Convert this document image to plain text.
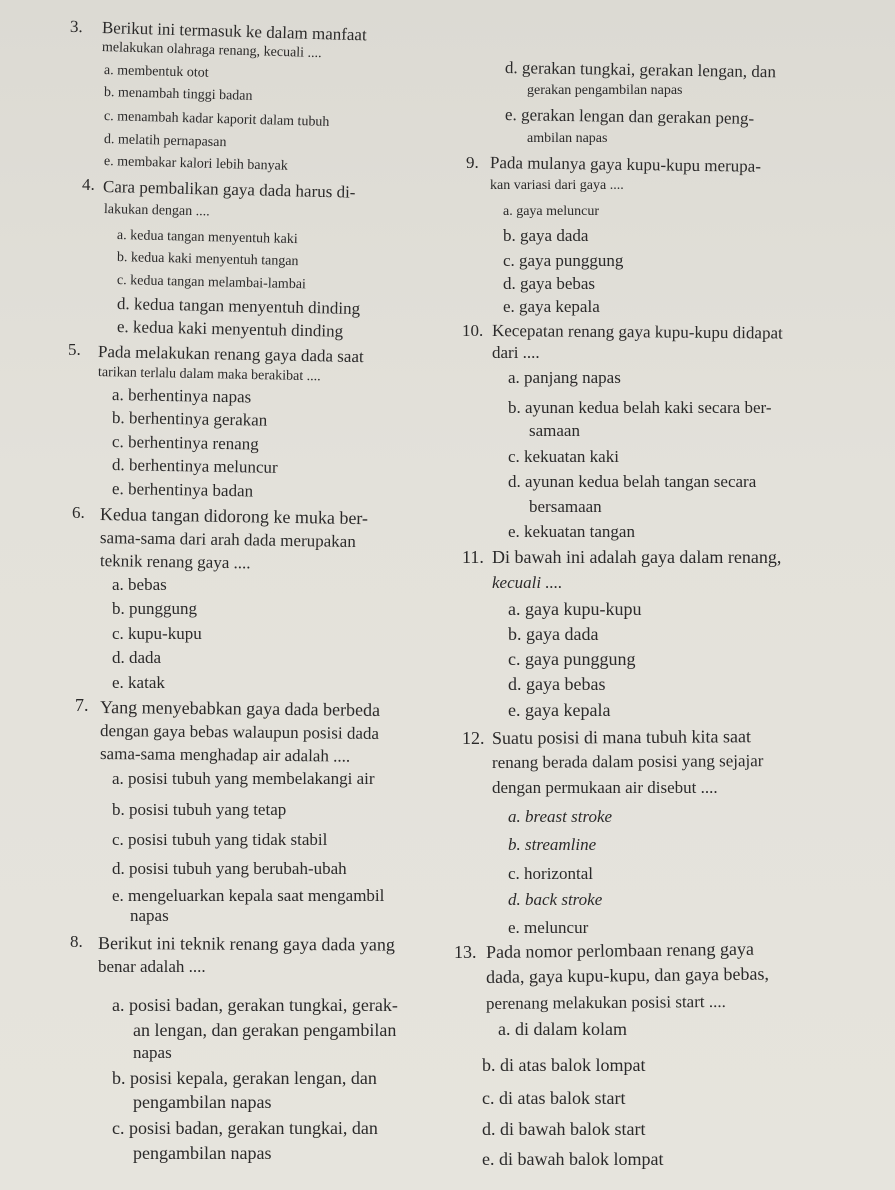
3. Berikut ini termasuk ke dalam manfaat

melakukan olahraga renang, kecuali ....

a. membentuk otot

b. menambah tinggi badan

c. menambah kadar kaporit dalam tubuh

d. melatih pernapasan

e. membakar kalori lebih banyak

4. Cara pembalikan gaya dada harus di-

lakukan dengan ....

a. kedua tangan menyentuh kaki

b. kedua kaki menyentuh tangan

c. kedua tangan melambai-lambai

d. kedua tangan menyentuh dinding

e. kedua kaki menyentuh dinding

5. Pada melakukan renang gaya dada saat

tarikan terlalu dalam maka berakibat ....

a. berhentinya napas

b. berhentinya gerakan

c. berhentinya renang

d. berhentinya meluncur

e. berhentinya badan

6. Kedua tangan didorong ke muka ber-

sama-sama dari arah dada merupakan

teknik renang gaya ....

a. bebas

b. punggung

c. kupu-kupu

d. dada

e. katak

7. Yang menyebabkan gaya dada berbeda

dengan gaya bebas walaupun posisi dada

sama-sama menghadap air adalah ....

a. posisi tubuh yang membelakangi air

b. posisi tubuh yang tetap

c. posisi tubuh yang tidak stabil

d. posisi tubuh yang berubah-ubah

e. mengeluarkan kepala saat mengambil

napas

8. Berikut ini teknik renang gaya dada yang

benar adalah ....

a. posisi badan, gerakan tungkai, gerak-

an lengan, dan gerakan pengambilan

napas

b. posisi kepala, gerakan lengan, dan

pengambilan napas

c. posisi badan, gerakan tungkai, dan

pengambilan napas

d. gerakan tungkai, gerakan lengan, dan

gerakan pengambilan napas

e. gerakan lengan dan gerakan peng-

ambilan napas

9. Pada mulanya gaya kupu-kupu merupa-

kan variasi dari gaya ....

a. gaya meluncur

b. gaya dada

c. gaya punggung

d. gaya bebas

e. gaya kepala

10. Kecepatan renang gaya kupu-kupu didapat

dari ....

a. panjang napas

b. ayunan kedua belah kaki secara ber-

samaan

c. kekuatan kaki

d. ayunan kedua belah tangan secara

bersamaan

e. kekuatan tangan

11. Di bawah ini adalah gaya dalam renang,

kecuali ....

a. gaya kupu-kupu

b. gaya dada

c. gaya punggung

d. gaya bebas

e. gaya kepala

12. Suatu posisi di mana tubuh kita saat

renang berada dalam posisi yang sejajar

dengan permukaan air disebut ....

a. breast stroke

b. streamline

c. horizontal

d. back stroke

e. meluncur

13. Pada nomor perlombaan renang gaya

dada, gaya kupu-kupu, dan gaya bebas,

perenang melakukan posisi start ....

a. di dalam kolam

b. di atas balok lompat

c. di atas balok start

d. di bawah balok start

e. di bawah balok lompat
